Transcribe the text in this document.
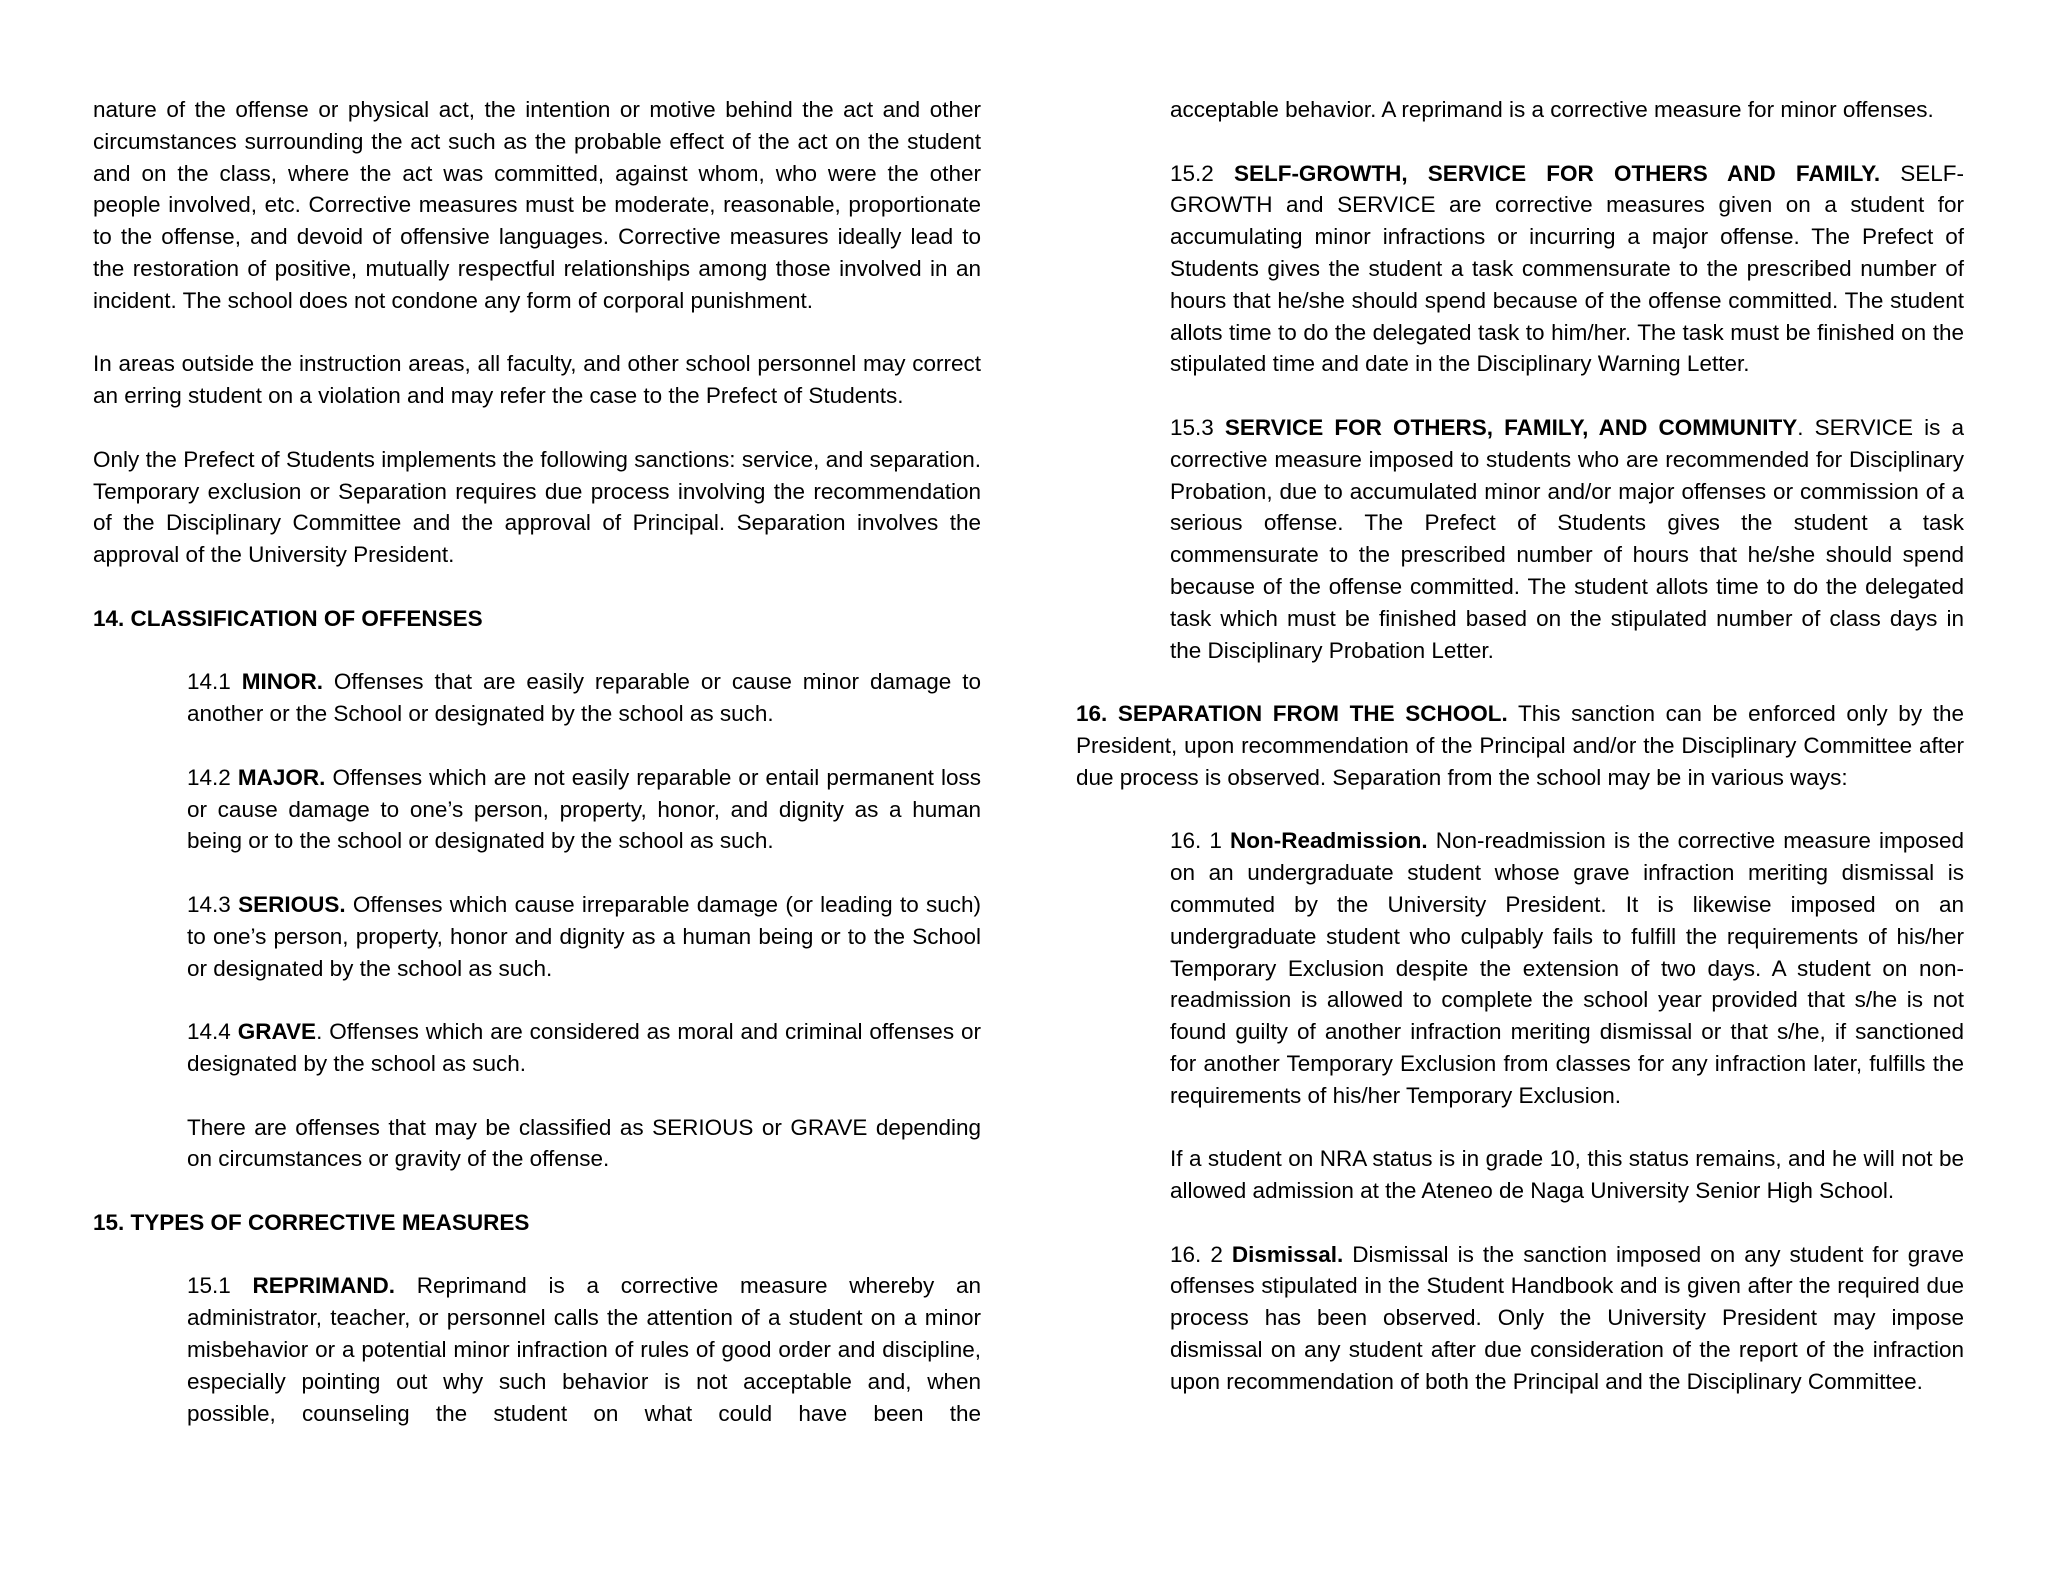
nature of the offense or physical act, the intention or motive behind the act and other circumstances surrounding the act such as the probable effect of the act on the student and on the class, where the act was committed, against whom, who were the other people involved, etc. Corrective measures must be moderate, reasonable, proportionate to the offense, and devoid of offensive languages. Corrective measures ideally lead to the restoration of positive, mutually respectful relationships among those involved in an incident. The school does not condone any form of corporal punishment.

In areas outside the instruction areas, all faculty, and other school personnel may correct an erring student on a violation and may refer the case to the Prefect of Students.

Only the Prefect of Students implements the following sanctions: service, and separation. Temporary exclusion or Separation requires due process involving the recommendation of the Disciplinary Committee and the approval of Principal. Separation involves the approval of the University President.

14. CLASSIFICATION OF OFFENSES

14.1 MINOR. Offenses that are easily reparable or cause minor damage to another or the School or designated by the school as such.

14.2 MAJOR. Offenses which are not easily reparable or entail permanent loss or cause damage to one’s person, property, honor, and dignity as a human being or to the school or designated by the school as such.

14.3 SERIOUS. Offenses which cause irreparable damage (or leading to such) to one’s person, property, honor and dignity as a human being or to the School or designated by the school as such.

14.4 GRAVE. Offenses which are considered as moral and criminal offenses or designated by the school as such.

There are offenses that may be classified as SERIOUS or GRAVE depending on circumstances or gravity of the offense.

15. TYPES OF CORRECTIVE MEASURES

15.1 REPRIMAND. Reprimand is a corrective measure whereby an administrator, teacher, or personnel calls the attention of a student on a minor misbehavior or a potential minor infraction of rules of good order and discipline, especially pointing out why such behavior is not acceptable and, when possible, counseling the student on what could have been the

acceptable behavior. A reprimand is a corrective measure for minor offenses.

15.2 SELF-GROWTH, SERVICE FOR OTHERS AND FAMILY. SELF-GROWTH and SERVICE are corrective measures given on a student for accumulating minor infractions or incurring a major offense. The Prefect of Students gives the student a task commensurate to the prescribed number of hours that he/she should spend because of the offense committed. The student allots time to do the delegated task to him/her. The task must be finished on the stipulated time and date in the Disciplinary Warning Letter.

15.3 SERVICE FOR OTHERS, FAMILY, AND COMMUNITY. SERVICE is a corrective measure imposed to students who are recommended for Disciplinary Probation, due to accumulated minor and/or major offenses or commission of a serious offense. The Prefect of Students gives the student a task commensurate to the prescribed number of hours that he/she should spend because of the offense committed. The student allots time to do the delegated task which must be finished based on the stipulated number of class days in the Disciplinary Probation Letter.

16. SEPARATION FROM THE SCHOOL. This sanction can be enforced only by the President, upon recommendation of the Principal and/or the Disciplinary Committee after due process is observed. Separation from the school may be in various ways:

16. 1 Non-Readmission. Non-readmission is the corrective measure imposed on an undergraduate student whose grave infraction meriting dismissal is commuted by the University President. It is likewise imposed on an undergraduate student who culpably fails to fulfill the requirements of his/her Temporary Exclusion despite the extension of two days. A student on non-readmission is allowed to complete the school year provided that s/he is not found guilty of another infraction meriting dismissal or that s/he, if sanctioned for another Temporary Exclusion from classes for any infraction later, fulfills the requirements of his/her Temporary Exclusion.

If a student on NRA status is in grade 10, this status remains, and he will not be allowed admission at the Ateneo de Naga University Senior High School.

16. 2 Dismissal. Dismissal is the sanction imposed on any student for grave offenses stipulated in the Student Handbook and is given after the required due process has been observed. Only the University President may impose dismissal on any student after due consideration of the report of the infraction upon recommendation of both the Principal and the Disciplinary Committee.
